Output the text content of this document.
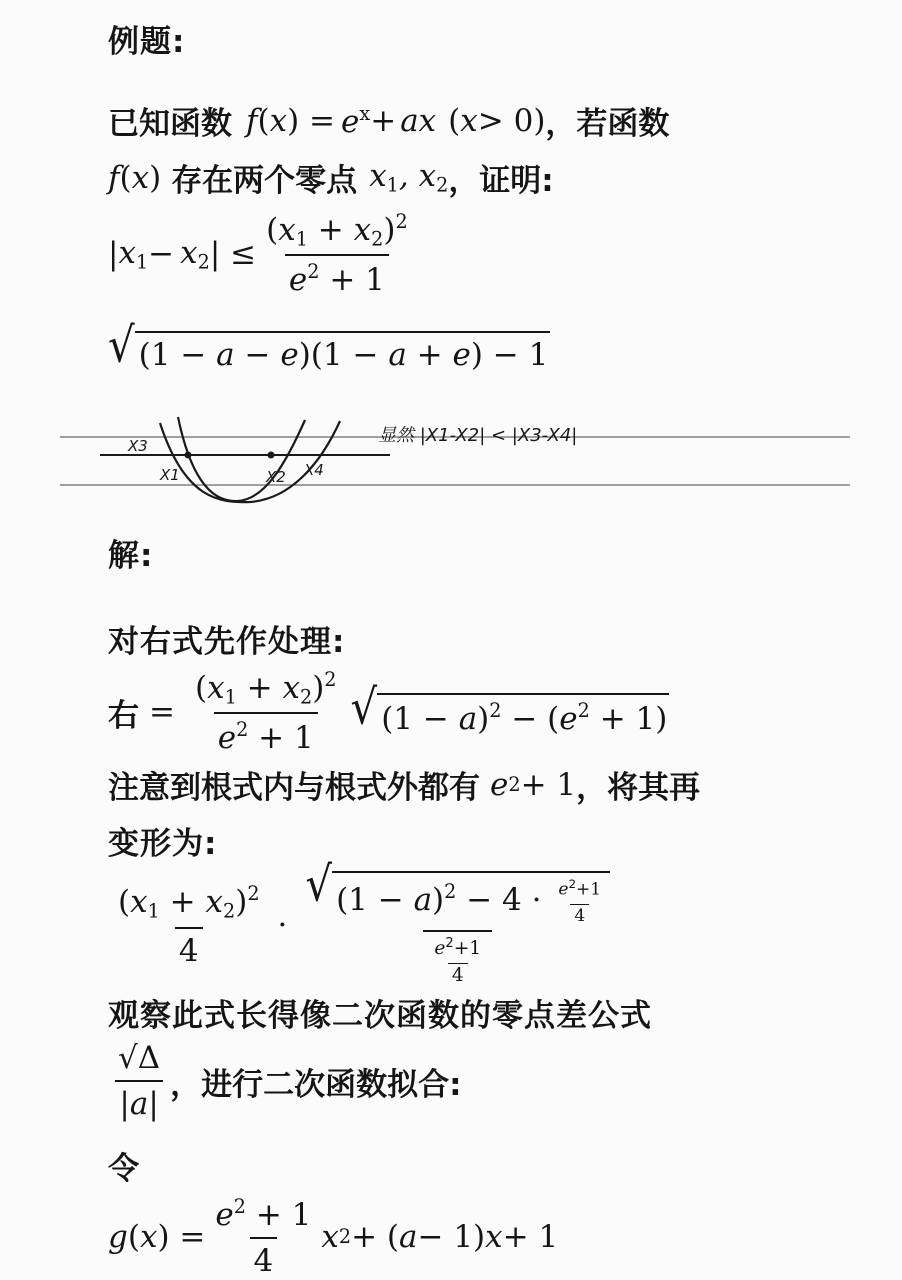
例题:
已知函数 f ( x ) = $e^x$ + ax ( x > 0) ，若函数
f ( x ) 存在两个零点 $x_1$, $x_2$ ，证明:
| $x_1 - x_2$ | ≤ $\frac{(x_1 + x_2)^2}{e^2 + 1}$
√ (1 − a − e)(1 − a + e) − 1
X3
X1	X2 X4
显然 |X1-X2| < |X3-X4|
解:
对右式先作处理:
右 = $\frac{(x_1 + x_2)^2}{e^2 + 1}$ √ $(1 - a)^2 - (e^2 + 1)$
注意到根式内与根式外都有 e 2 + 1 ，将其再
变形为:
$\frac{(x_1 + x_2)^2}{4} \cdot \frac{√ (1 - a)^2 - 4 \cdot \frac{e^2+1}{4}}{\frac{e^2+1}{4}}$
观察此式长得像二次函数的零点差公式
$\frac{√\Delta}{|a|}$ ，进行二次函数拟合:
令
g ( x ) = $\frac{e^2 + 1}{4}$ x 2 + ( a − 1) x + 1
